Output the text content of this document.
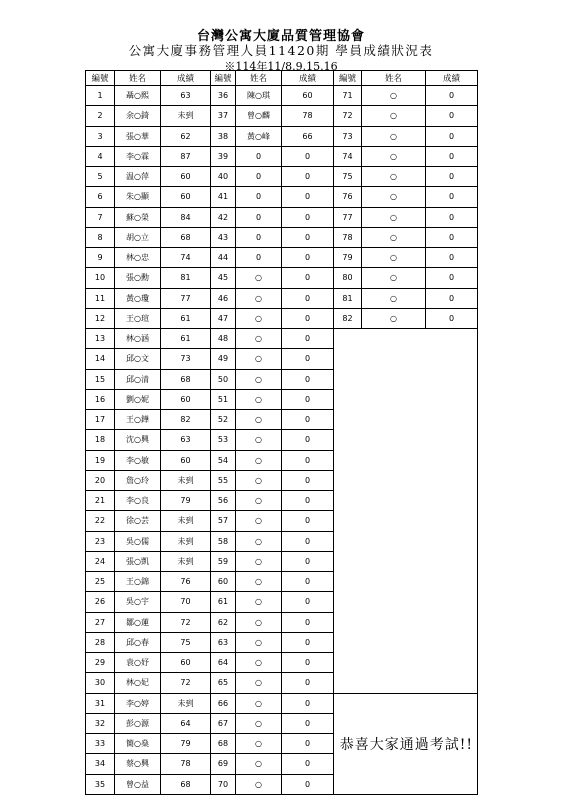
台灣公寓大廈品質管理協會
公寓大廈事務管理人員11420期 學員成績狀況表
※114年11/8.9.15.16
編號	姓名	成績	編號	姓名	成績	編號	姓名	成績
1	聶○熙	63	36	陳○琪	60	71	○	0
2	余○錡	未到	37	曾○麟	78	72	○	0
3	張○華	62	38	黃○峰	66	73	○	0
4	李○霖	87	39	0	0	74	○	0
5	温○萍	60	40	0	0	75	○	0
6	朱○顯	60	41	0	0	76	○	0
7	蘇○榮	84	42	0	0	77	○	0
8	胡○立	68	43	0	0	78	○	0
9	林○忠	74	44	0	0	79	○	0
10	張○勳	81	45	○	0	80	○	0
11	黃○瓊	77	46	○	0	81	○	0
12	王○瑄	61	47	○	0	82	○	0
13	林○涵	61	48	○	0			
14	邱○文	73	49	○	0			
15	邱○清	68	50	○	0			
16	劉○妮	60	51	○	0			
17	王○鏵	82	52	○	0			
18	沈○興	63	53	○	0			
19	李○敏	60	54	○	0			
20	詹○玲	未到	55	○	0			
21	李○良	79	56	○	0			
22	徐○芸	未到	57	○	0			
23	吳○儒	未到	58	○	0			
24	張○凱	未到	59	○	0			
25	王○錦	76	60	○	0			
26	吳○宇	70	61	○	0			
27	鄒○蓮	72	62	○	0			
28	邱○春	75	63	○	0			
29	袁○妤	60	64	○	0			
30	林○妃	72	65	○	0			
31	李○婷	未到	66	○	0	恭喜大家通過考試!!		
32	彭○源	64	67	○	0			
33	簡○燊	79	68	○	0			
34	蔡○興	78	69	○	0			
35	曾○益	68	70	○	0			
